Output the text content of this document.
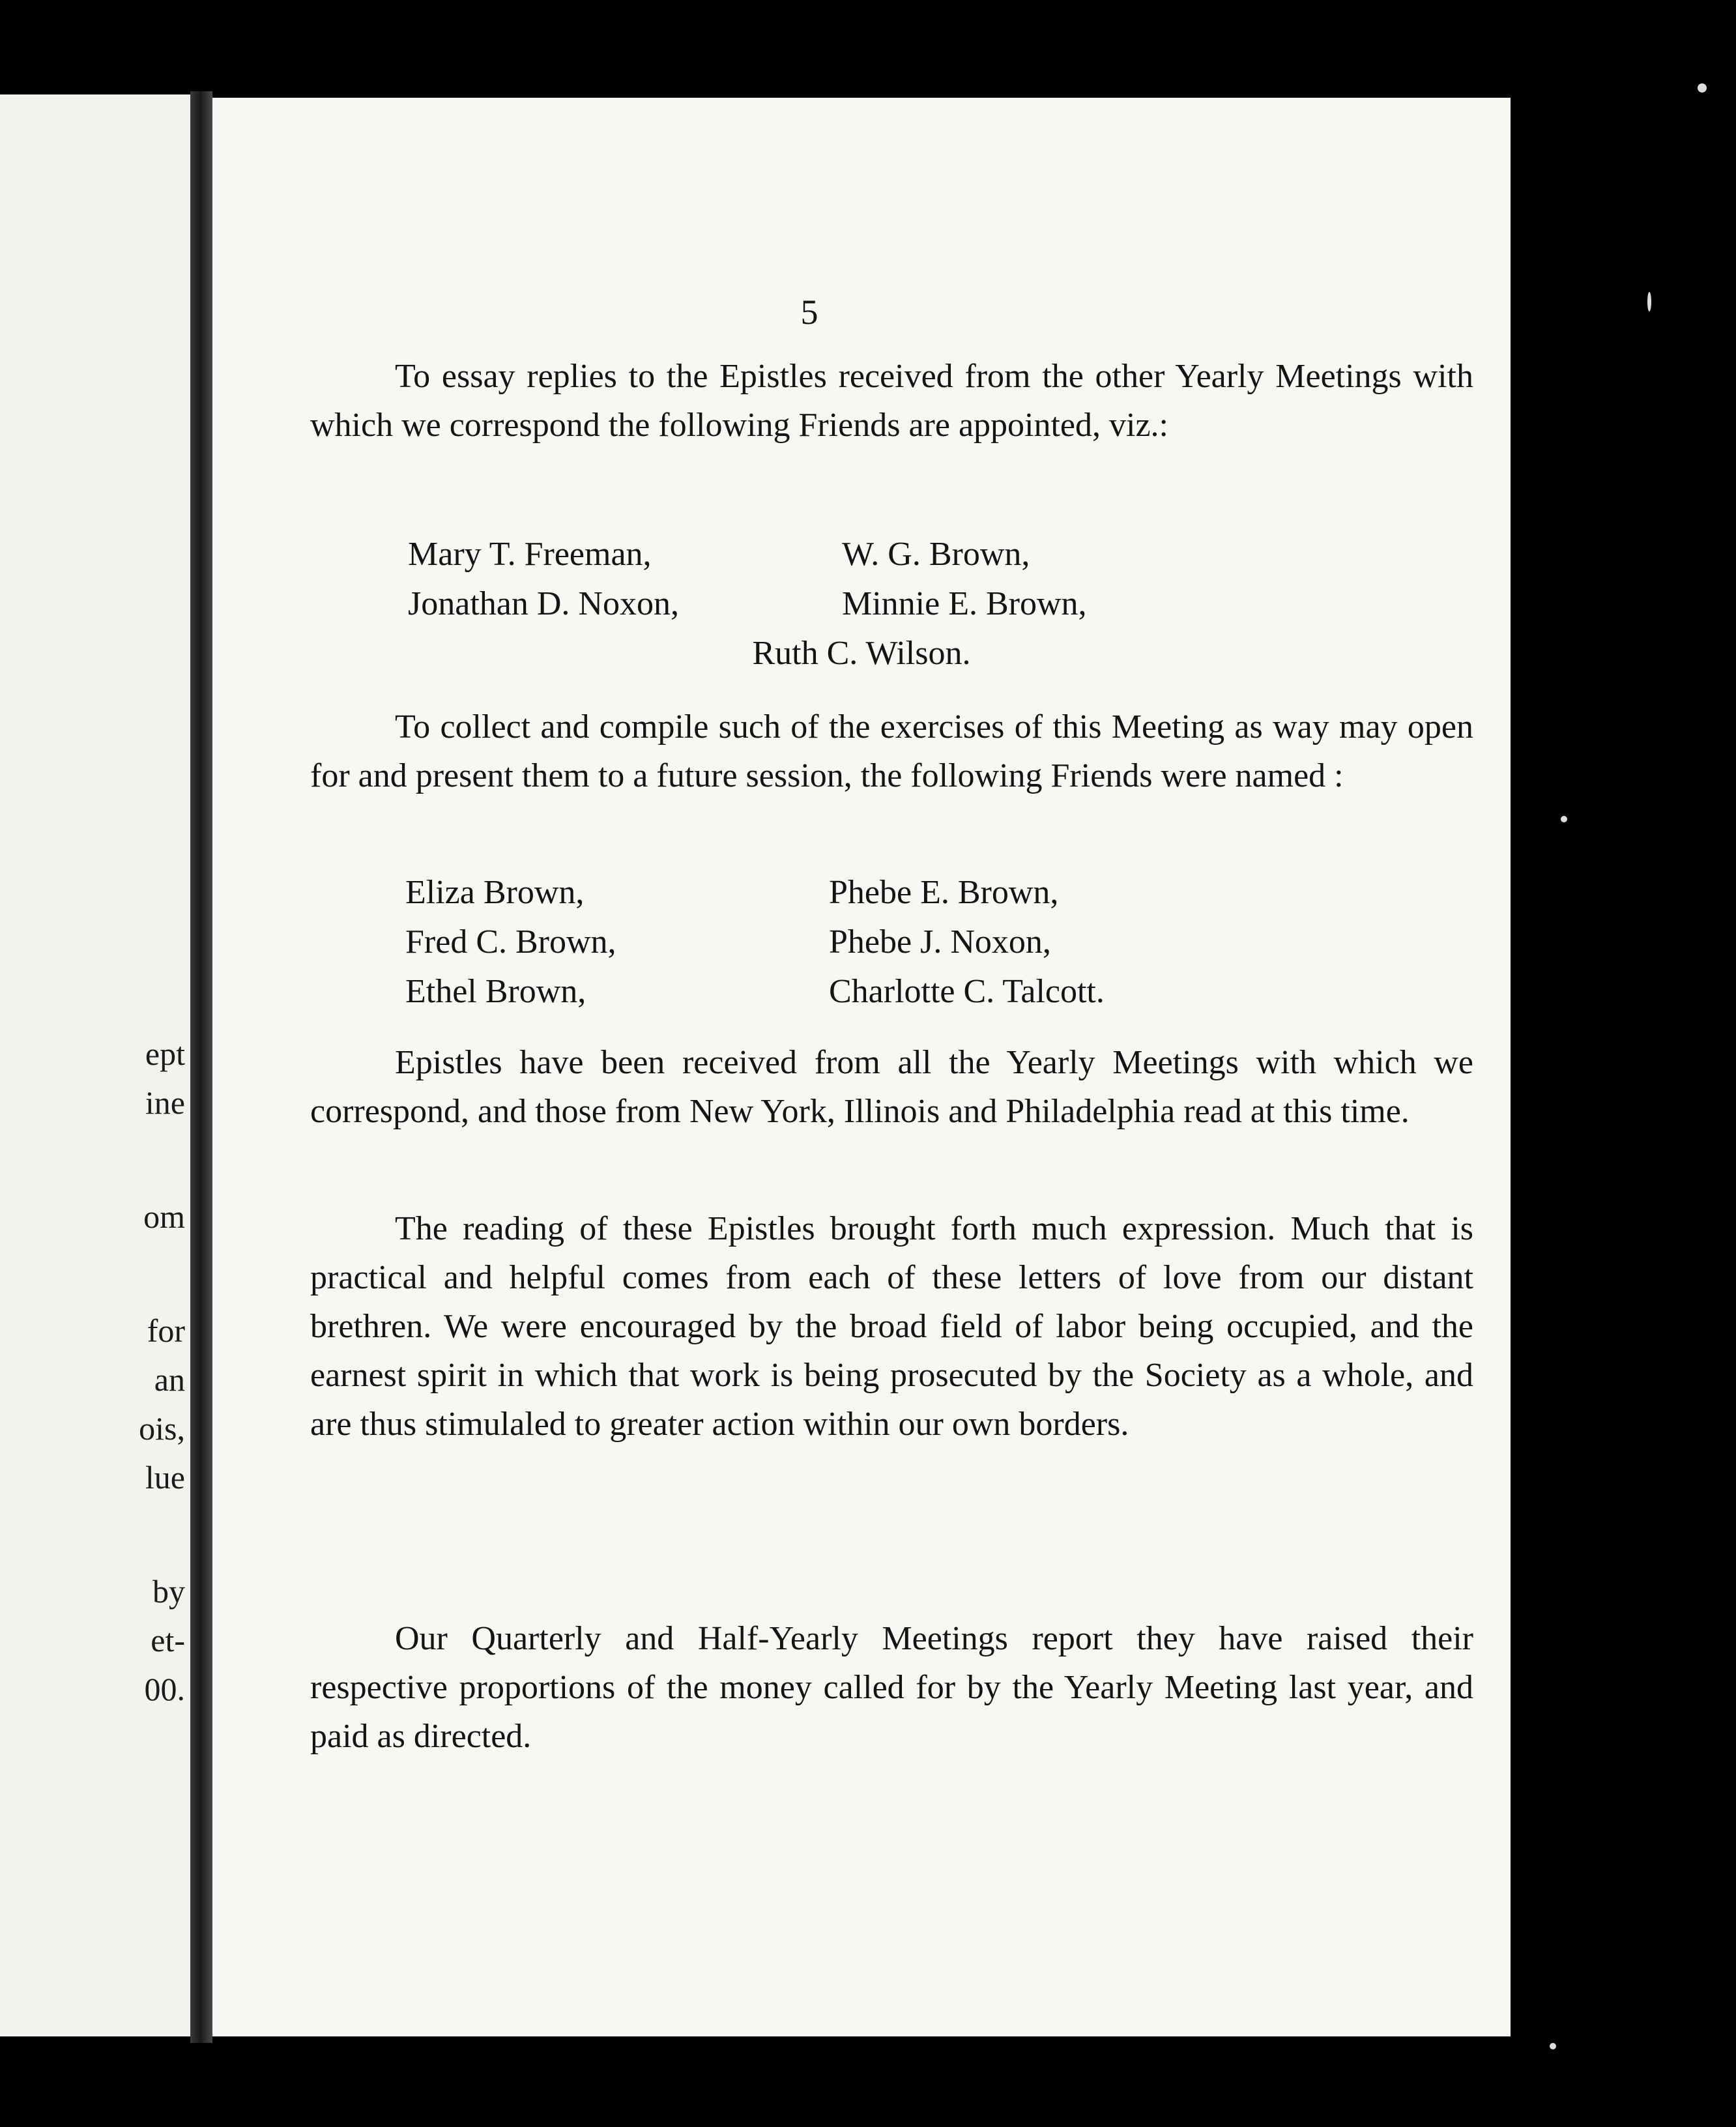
ept
ine
om
for
an
ois,
lue
by
et-
00.
5

To essay replies to the Epistles received from the other Yearly Meetings with which we correspond the following Friends are appointed, viz.:

Mary T. Freeman,	W. G. Brown,
Jonathan D. Noxon,	Minnie E. Brown,
Ruth C. Wilson.

To collect and compile such of the exercises of this Meeting as way may open for and present them to a future session, the following Friends were named :

Eliza Brown,	Phebe E. Brown,
Fred C. Brown,	Phebe J. Noxon,
Ethel Brown,	Charlotte C. Talcott.

Epistles have been received from all the Yearly Meetings with which we correspond, and those from New York, Illinois and Philadelphia read at this time.

The reading of these Epistles brought forth much expression. Much that is practical and helpful comes from each of these letters of love from our distant brethren. We were encouraged by the broad field of labor being occupied, and the earnest spirit in which that work is being prosecuted by the Society as a whole, and are thus stimulaled to greater action within our own borders.

Our Quarterly and Half-Yearly Meetings report they have raised their respective proportions of the money called for by the Yearly Meeting last year, and paid as directed.
